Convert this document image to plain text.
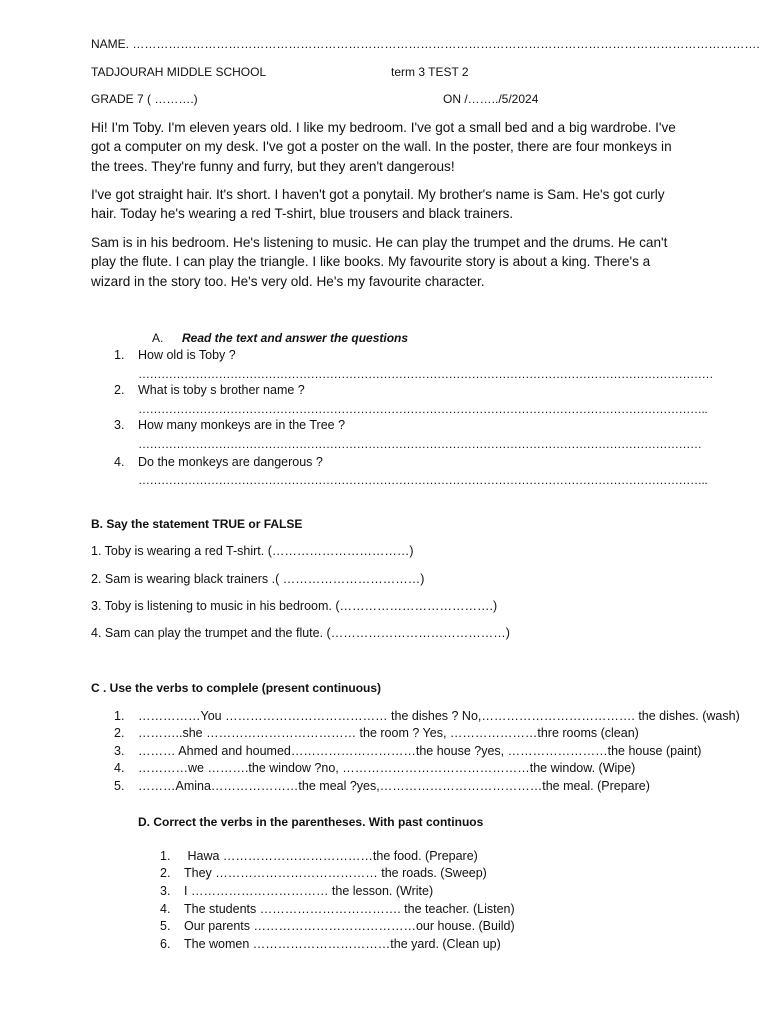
NAME. ………………………………………………………………………………………………………………………………………….
TADJOURAH MIDDLE SCHOOL	term 3 TEST 2
GRADE 7 ( ……….)	ON /……../5/2024
Hi! I'm Toby. I'm eleven years old. I like my bedroom. I've got a small bed and a big wardrobe. I've got a computer on my desk. I've got a poster on the wall. In the poster, there are four monkeys in the trees. They're funny and furry, but they aren't dangerous!
I've got straight hair. It's short. I haven't got a ponytail. My brother's name is Sam. He's got curly hair. Today he's wearing a red T-shirt, blue trousers and black trainers.
Sam is in his bedroom. He's listening to music. He can play the trumpet and the drums. He can't play the flute. I can play the triangle. I like books. My favourite story is about a king. There's a wizard in the story too. He's very old. He's my favourite character.
A. Read the text and answer the questions
1. How old is Toby ?
……………………………………………………………………………………………………………………………………
2. What is toby s brother name ?
…………………………………………………………………………………………………………………………………..
3. How many monkeys are in the Tree ?
…………………………………………………………………………………………………………………………………
4. Do the monkeys are dangerous ?
…………………………………………………………………………………………………………………………………..
B. Say the statement TRUE or FALSE
1. Toby is wearing a red T-shirt. (……………………………)
2. Sam is wearing black trainers .( ……………………………)
3. Toby is listening to music in his bedroom. (……………………………….)
4. Sam can play the trumpet and the flute. (……………………………………)
C . Use the verbs to complele (present continuous)
1. ……………You ………………………………… the dishes ? No,………………………………. the dishes. (wash)
2. ………..she ……………………………… the room ? Yes, …………………thre rooms (clean)
3. ……… Ahmed and houmed…………………………the house ?yes, ……………………the house (paint)
4. …………we ……….the window ?no, ………………………………………the window. (Wipe)
5. ………Amina…………………the meal ?yes,…………………………………the meal. (Prepare)
D. Correct the verbs in the parentheses. With past continuos
1. Hawa ………………………………the food. (Prepare)
2. They ………………………………… the roads. (Sweep)
3. I …………………………… the lesson. (Write)
4. The students ……………………………. the teacher. (Listen)
5. Our parents …………………………………our house. (Build)
6. The women ……………………………the yard. (Clean up)
